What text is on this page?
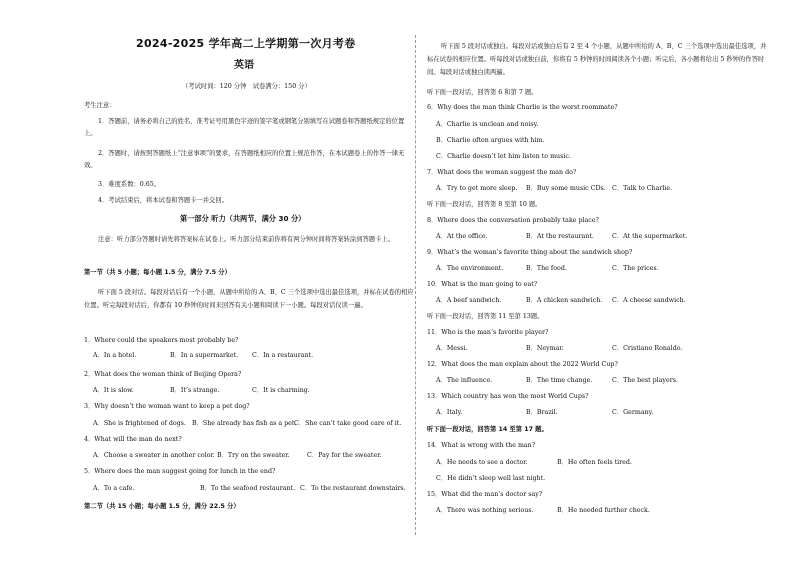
2024-2025 学年高二上学期第一次月考卷
英语
（考试时间：120 分钟　试卷满分：150 分）
考生注意：
1．答题前，请务必将自己的姓名、准考证号用黑色字迹的签字笔或钢笔分别填写在试题卷和答题纸规定的位置上。
2．答题时，请按照答题纸上“注意事项”的要求，在答题纸相应的位置上规范作答，在本试题卷上的作答一律无效。
3．难度系数：0.65。
4．考试结束后，将本试卷和答题卡一并交回。
第一部分 听力（共两节，满分 30 分）
注意：听力部分答题时请先将答案标在试卷上。听力部分结束前你将有两分钟时间将答案转涂到答题卡上。
第一节（共 5 小题；每小题 1.5 分，满分 7.5 分）
听下面 5 段对话。每段对话后有一个小题，从题中所给的 A、B、C 三个选项中选出最佳选项，并标在试卷的相应位置。听完每段对话后，你都有 10 秒钟的时间来回答有关小题和阅读下一小题。每段对话仅读一遍。
1．Where could the speakers most probably be?
A．In a hotel.	B．In a supermarket. C．In a restaurant.
2．What does the woman think of Beijing Opera?
A．It is slow.	B．It’s strange.	C．It is charming.
3．Why doesn’t the woman want to keep a pet dog?
A．She is frightened of dogs. B．She already has fish as a pet.
C．She can’t take good care of it.
4．What will the man do next?
A．Choose a sweater in another color. B．Try on the sweater.	C．Pay for the sweater.
5．Where does the man suggest going for lunch in the end?
A．To a cafe.	B．To the seafood restaurant. C．To the restaurant downstairs.
第二节（共 15 小题；每小题 1.5 分，满分 22.5 分）
听下面 5 段对话或独白。每段对话或独白后有 2 至 4 个小题，从题中所给的 A、B、C 三个选项中选出最佳选项，并标在试卷的相应位置。听每段对话或独白前，你将有 5 秒钟的时间阅读各个小题；听完后，各小题将给出 5 秒钟的作答时间。每段对话或独白读两遍。
听下面一段对话，回答第 6 和第 7 题。
6．Why does the man think Charlie is the worst roommate?
A．Charlie is unclean and noisy.
B．Charlie often argues with him.
C．Charlie doesn’t let him listen to music.
7．What does the woman suggest the man do?
A．Try to get more sleep. B．Buy some music CDs. C．Talk to Charlie.
听下面一段对话，回答第 8 至第 10 题。
8．Where does the conversation probably take place?
A．At the office.	B．At the restaurant.	C．At the supermarket.
9．What’s the woman’s favorite thing about the sandwich shop?
A．The environment.	B．The food.	C．The prices.
10．What is the man going to eat?
A．A beef sandwich.	B．A chicken sandwich. C．A cheese sandwich.
听下面一段对话，回答第 11 至第 13题。
11．Who is the man’s favorite player?
A．Messi.	B．Neymar.	C．Cristiano Ronaldo.
12．What does the man explain about the 2022 World Cup?
A．The influence.	B．The time change.	C．The best players.
13．Which country has won the most World Cups?
A．Italy.	B．Brazil.	C．Germany.
听下面一段对话，回答第 14 至第 17 题。
14．What is wrong with the man?
A．He needs to see a doctor.	B．He often feels tired.
C．He didn’t sleep well last night.
15．What did the man’s doctor say?
A．There was nothing serious.	B．He needed further check.
